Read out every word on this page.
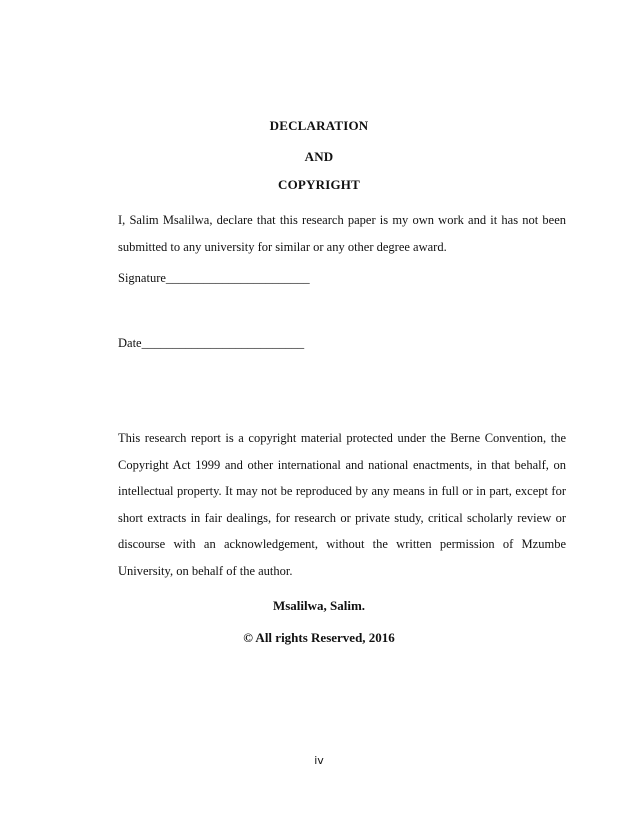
DECLARATION
AND
COPYRIGHT
I, Salim Msalilwa, declare that this research paper is my own work and it has not been submitted to any university for similar or any other degree award.
Signature_______________________
Date__________________________
This research report is a copyright material protected under the Berne Convention, the Copyright Act 1999 and other international and national enactments, in that behalf, on intellectual property. It may not be reproduced by any means in full or in part, except for short extracts in fair dealings, for research or private study, critical scholarly review or discourse with an acknowledgement, without the written permission of Mzumbe University, on behalf of the author.
Msalilwa, Salim.
© All rights Reserved, 2016
iv
